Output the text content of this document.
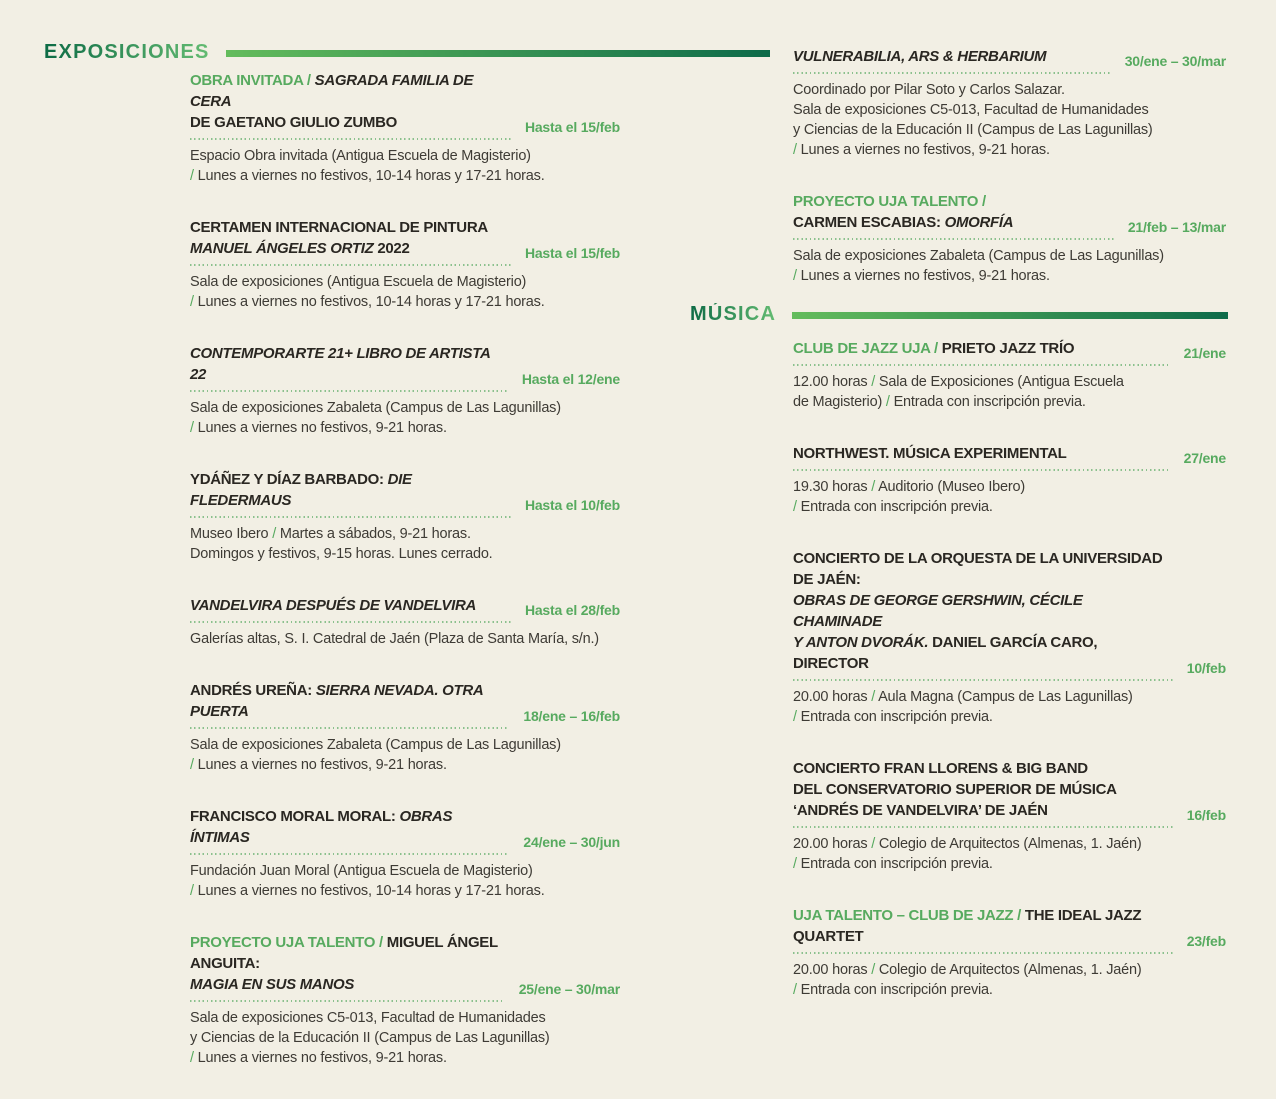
EXPOSICIONES
OBRA INVITADA / SAGRADA FAMILIA DE CERA
DE GAETANO GIULIO ZUMBO	Hasta el 15/feb
Espacio Obra invitada (Antigua Escuela de Magisterio)
/ Lunes a viernes no festivos, 10-14 horas y 17-21 horas.
CERTAMEN INTERNACIONAL DE PINTURA
MANUEL ÁNGELES ORTIZ 2022	Hasta el 15/feb
Sala de exposiciones (Antigua Escuela de Magisterio)
/ Lunes a viernes no festivos, 10-14 horas y 17-21 horas.
CONTEMPORARTE 21+ LIBRO DE ARTISTA 22	Hasta el 12/ene
Sala de exposiciones Zabaleta (Campus de Las Lagunillas)
/ Lunes a viernes no festivos, 9-21 horas.
YDÁÑEZ Y DÍAZ BARBADO: DIE FLEDERMAUS	Hasta el 10/feb
Museo Ibero / Martes a sábados, 9-21 horas.
Domingos y festivos, 9-15 horas. Lunes cerrado.
VANDELVIRA DESPUÉS DE VANDELVIRA	Hasta el 28/feb
Galerías altas, S. I. Catedral de Jaén (Plaza de Santa María, s/n.)
ANDRÉS UREÑA: SIERRA NEVADA. OTRA PUERTA	18/ene – 16/feb
Sala de exposiciones Zabaleta (Campus de Las Lagunillas)
/ Lunes a viernes no festivos, 9-21 horas.
FRANCISCO MORAL MORAL: OBRAS ÍNTIMAS	24/ene – 30/jun
Fundación Juan Moral (Antigua Escuela de Magisterio)
/ Lunes a viernes no festivos, 10-14 horas y 17-21 horas.
PROYECTO UJA TALENTO / MIGUEL ÁNGEL ANGUITA:
MAGIA EN SUS MANOS	25/ene – 30/mar
Sala de exposiciones C5-013, Facultad de Humanidades
y Ciencias de la Educación II (Campus de Las Lagunillas)
/ Lunes a viernes no festivos, 9-21 horas.
VULNERABILIA, ARS & HERBARIUM	30/ene – 30/mar
Coordinado por Pilar Soto y Carlos Salazar.
Sala de exposiciones C5-013, Facultad de Humanidades
y Ciencias de la Educación II (Campus de Las Lagunillas)
/ Lunes a viernes no festivos, 9-21 horas.
PROYECTO UJA TALENTO /
CARMEN ESCABIAS: OMORFÍA	21/feb – 13/mar
Sala de exposiciones Zabaleta (Campus de Las Lagunillas)
/ Lunes a viernes no festivos, 9-21 horas.
MÚSICA
CLUB DE JAZZ UJA / PRIETO JAZZ TRÍO	21/ene
12.00 horas / Sala de Exposiciones (Antigua Escuela
de Magisterio) / Entrada con inscripción previa.
NORTHWEST. MÚSICA EXPERIMENTAL	27/ene
19.30 horas / Auditorio (Museo Ibero)
/ Entrada con inscripción previa.
CONCIERTO DE LA ORQUESTA DE LA UNIVERSIDAD DE JAÉN:
OBRAS DE GEORGE GERSHWIN, CÉCILE CHAMINADE
Y ANTON DVORÁK. DANIEL GARCÍA CARO, DIRECTOR	10/feb
20.00 horas / Aula Magna (Campus de Las Lagunillas)
/ Entrada con inscripción previa.
CONCIERTO FRAN LLORENS & BIG BAND
DEL CONSERVATORIO SUPERIOR DE MÚSICA
‘ANDRÉS DE VANDELVIRA’ DE JAÉN	16/feb
20.00 horas / Colegio de Arquitectos (Almenas, 1. Jaén)
/ Entrada con inscripción previa.
UJA TALENTO – CLUB DE JAZZ / THE IDEAL JAZZ QUARTET	23/feb
20.00 horas / Colegio de Arquitectos (Almenas, 1. Jaén)
/ Entrada con inscripción previa.
